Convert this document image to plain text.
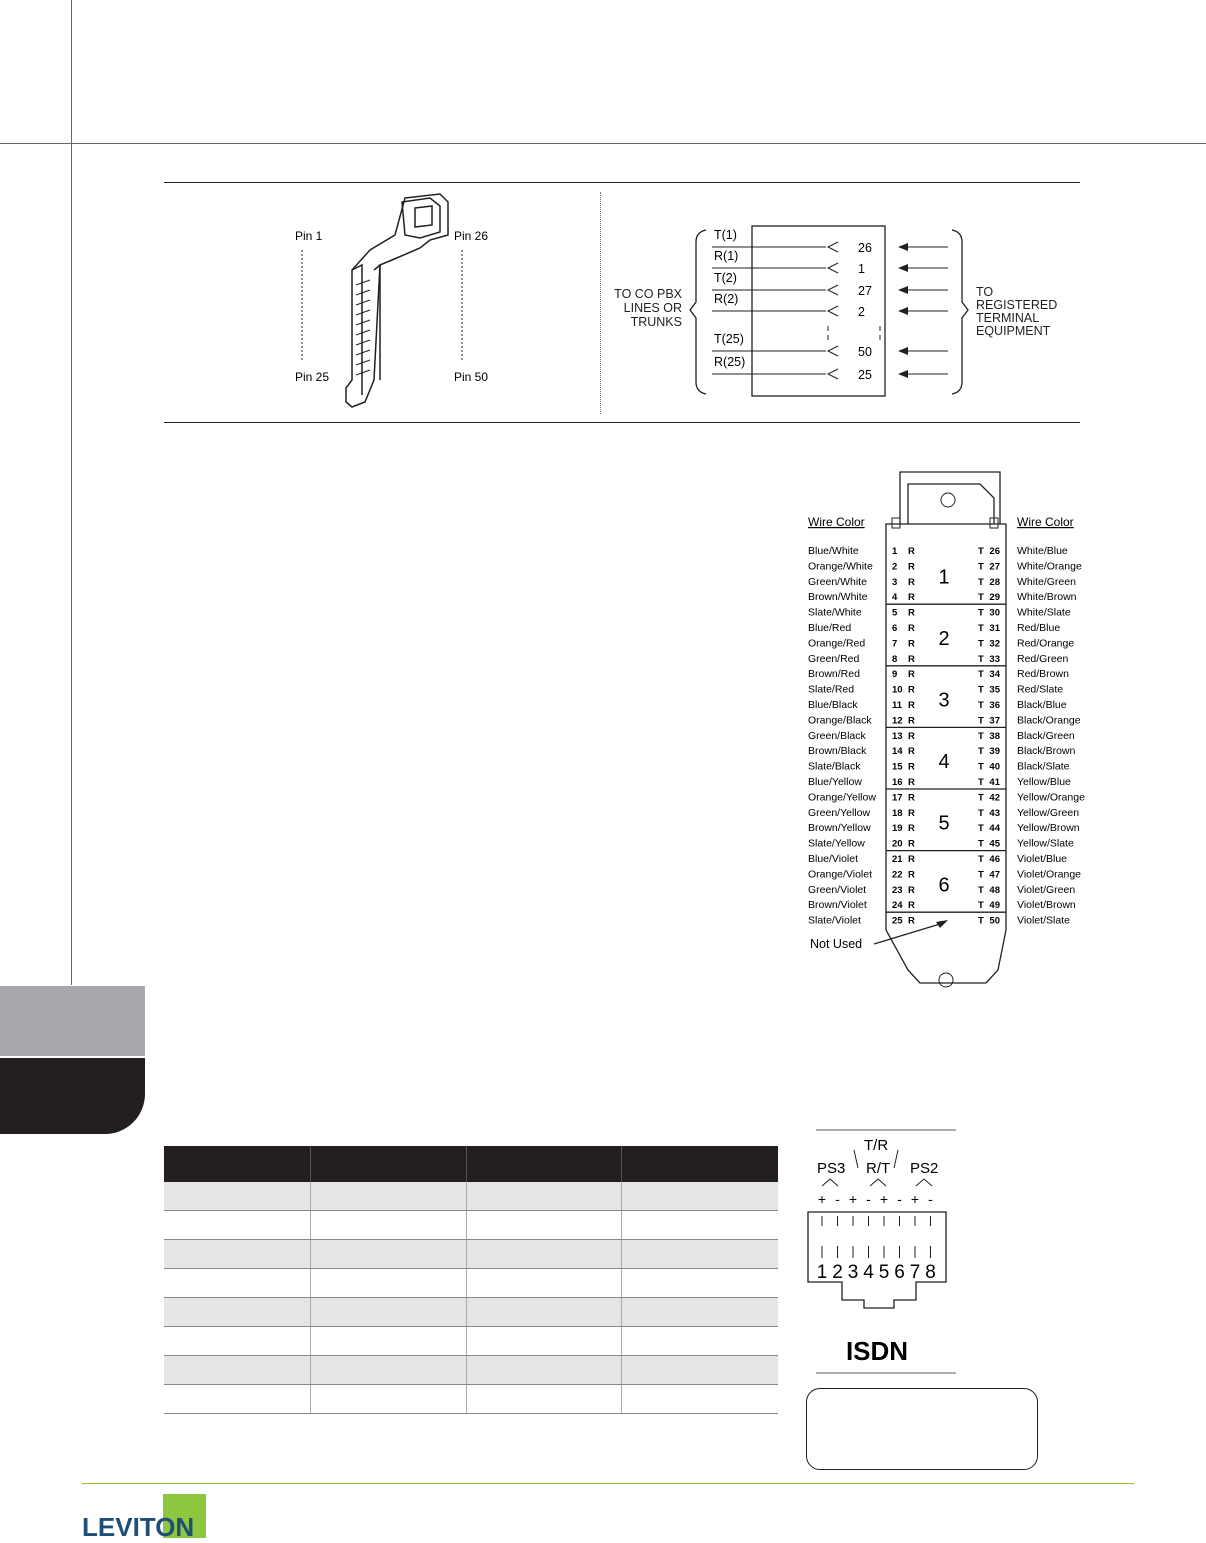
Pin 1	Pin 26
Pin 25	Pin 50
TO CO PBX
LINES OR
TRUNKS
TO
REGISTERED
TERMINAL
EQUIPMENT
T(1)
26
R(1)
1
T(2)
27
R(2)
2
T(25)
50
R(25)
25
Wire Color	Wire Color
Blue/White	1 R	T 26 White/Blue
Orange/White 2 R	T 27 White/Orange
Green/White	3 R	T 28 White/Green
Brown/White	4 R	T 29 White/Brown
Slate/White	5 R	T 30 White/Slate
Blue/Red	6 R	T 31 Red/Blue
Orange/Red	7 R	T 32 Red/Orange
Green/Red	8 R	T 33 Red/Green
Brown/Red	9 R	T 34 Red/Brown
Slate/Red	10 R	T 35 Red/Slate
Blue/Black	11 R	T 36 Black/Blue
Orange/Black 12 R	T 37 Black/Orange
Green/Black	13 R	T 38 Black/Green
Brown/Black	14 R	T 39 Black/Brown
Slate/Black	15 R	T 40 Black/Slate
Blue/Yellow	16 R	T 41 Yellow/Blue
Orange/Yellow 17 R	T 42 Yellow/Orange
Green/Yellow 18 R	T 43 Yellow/Green
Brown/Yellow 19 R	T 44 Yellow/Brown
Slate/Yellow	20 R	T 45 Yellow/Slate
Blue/Violet	21 R	T 46 Violet/Blue
Orange/Violet 22 R	T 47 Violet/Orange
Green/Violet	23 R	T 48 Violet/Green
Brown/Violet	24 R	T 49 Violet/Brown
Slate/Violet	25 R	T 50 Violet/Slate
1
2
3
4
5
6
Not Used

T/R
PS3 R/T PS2
+ - + - + - + -
1 2 3 4 5 6 7 8
ISDN
LEVITON
